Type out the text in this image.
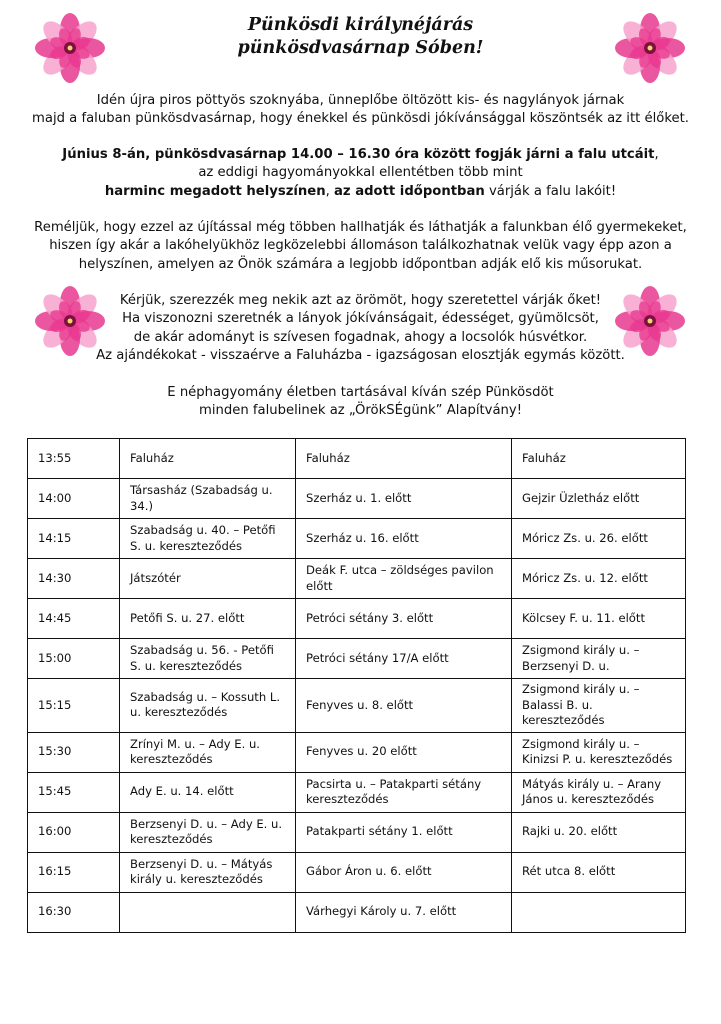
Pünkösdi királynéjárás
pünkösdvasárnap Sóben!
Idén újra piros pöttyös szoknyába, ünneplőbe öltözött kis- és nagylányok járnak
majd a faluban pünkösdvasárnap, hogy énekkel és pünkösdi jókívánsággal köszöntsék az itt élőket.
Június 8-án, pünkösdvasárnap 14.00 – 16.30 óra között fogják járni a falu utcáit,
az eddigi hagyományokkal ellentétben több mint
harminc megadott helyszínen, az adott időpontban várják a falu lakóit!
Reméljük, hogy ezzel az újítással még többen hallhatják és láthatják a falunkban élő gyermekeket,
hiszen így akár a lakóhelyükhöz legközelebbi állomáson találkozhatnak velük vagy épp azon a
helyszínen, amelyen az Önök számára a legjobb időpontban adják elő kis műsorukat.
Kérjük, szerezzék meg nekik azt az örömöt, hogy szeretettel várják őket!
Ha viszonozni szeretnék a lányok jókívánságait, édességet, gyümölcsöt,
de akár adományt is szívesen fogadnak, ahogy a locsolók húsvétkor.
Az ajándékokat - visszaérve a Faluházba - igazságosan elosztják egymás között.
E néphagyomány életben tartásával kíván szép Pünkösdöt
minden falubelinek az „ÖrökSÉgünk” Alapítvány!
13:55	Faluház	Faluház	Faluház
14:00	Társasház (Szabadság u. 34.)	Szerház u. 1. előtt	Gejzir Üzletház előtt
14:15	Szabadság u. 40. – Petőfi S. u. kereszteződés	Szerház u. 16. előtt	Móricz Zs. u. 26. előtt
14:30	Játszótér	Deák F. utca – zöldséges pavilon előtt	Móricz Zs. u. 12. előtt
14:45	Petőfi S. u. 27. előtt	Petróci sétány 3. előtt	Kölcsey F. u. 11. előtt
15:00	Szabadság u. 56. - Petőfi S. u. kereszteződés	Petróci sétány 17/A előtt	Zsigmond király u. – Berzsenyi D. u.
15:15	Szabadság u. – Kossuth L. u. kereszteződés	Fenyves u. 8. előtt	Zsigmond király u. – Balassi B. u. kereszteződés
15:30	Zrínyi M. u. – Ady E. u. kereszteződés	Fenyves u. 20 előtt	Zsigmond király u. – Kinizsi P. u. kereszteződés
15:45	Ady E. u. 14. előtt	Pacsirta u. – Patakparti sétány kereszteződés	Mátyás király u. – Arany János u. kereszteződés
16:00	Berzsenyi D. u. – Ady E. u. kereszteződés	Patakparti sétány 1. előtt	Rajki u. 20. előtt
16:15	Berzsenyi D. u. – Mátyás király u. kereszteződés	Gábor Áron u. 6. előtt	Rét utca 8. előtt
16:30		Várhegyi Károly u. 7. előtt	
